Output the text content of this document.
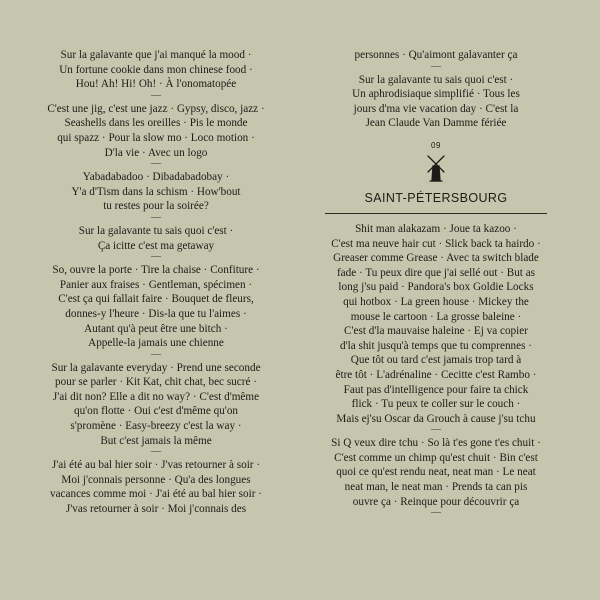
Sur la galavante que j'ai manqué la mood ·

Un fortune cookie dans mon chinese food ·

Hou! Ah! Hi! Oh! · À l'onomatopée

—

C'est une jig, c'est une jazz · Gypsy, disco, jazz ·

Seashells dans les oreilles · Pis le monde

qui spazz · Pour la slow mo · Loco motion ·

D'la vie · Avec un logo

—

Yabadabadoo · Dibadabadobay ·

Y'a d'Tism dans la schism · How'bout

tu restes pour la soirée?

—

Sur la galavante tu sais quoi c'est ·

Ça icitte c'est ma getaway

—

So, ouvre la porte · Tire la chaise · Confiture ·

Panier aux fraises · Gentleman, spécimen ·

C'est ça qui fallait faire · Bouquet de fleurs,

donnes-y l'heure · Dis-la que tu l'aimes ·

Autant qu'à peut être une bitch ·

Appelle-la jamais une chienne

—

Sur la galavante everyday · Prend une seconde

pour se parler · Kit Kat, chit chat, bec sucré ·

J'ai dit non? Elle a dit no way? · C'est d'même

qu'on flotte · Oui c'est d'même qu'on

s'promène · Easy-breezy c'est la way ·

But c'est jamais la même

—

J'ai été au bal hier soir · J'vas retourner à soir ·

Moi j'connais personne · Qu'a des longues

vacances comme moi · J'ai été au bal hier soir ·

J'vas retourner à soir · Moi j'connais des

personnes · Qu'aimont galavanter ça

—

Sur la galavante tu sais quoi c'est ·

Un aphrodisiaque simplifié · Tous les

jours d'ma vie vacation day · C'est la

Jean Claude Van Damme fériée

09
SAINT-PÉTERSBOURG

Shit man alakazam · Joue ta kazoo ·

C'est ma neuve hair cut · Slick back ta hairdo ·

Greaser comme Grease · Avec ta switch blade

fade · Tu peux dire que j'ai sellé out · But as

long j'su paid · Pandora's box Goldie Locks

qui hotbox · La green house · Mickey the

mouse le cartoon · La grosse baleine ·

C'est d'la mauvaise haleine · Ej va copier

d'la shit jusqu'à temps que tu comprennes ·

Que tôt ou tard c'est jamais trop tard à

être tôt · L'adrénaline · Cecitte c'est Rambo ·

Faut pas d'intelligence pour faire ta chick

flick · Tu peux te coller sur le couch ·

Mais ej'su Oscar da Grouch à cause j'su tchu

—

Si Q veux dire tchu · So là t'es gone t'es chuit ·

C'est comme un chimp qu'est chuit · Bin c'est

quoi ce qu'est rendu neat, neat man · Le neat

neat man, le neat man · Prends ta can pis

ouvre ça · Reinque pour découvrir ça

—
